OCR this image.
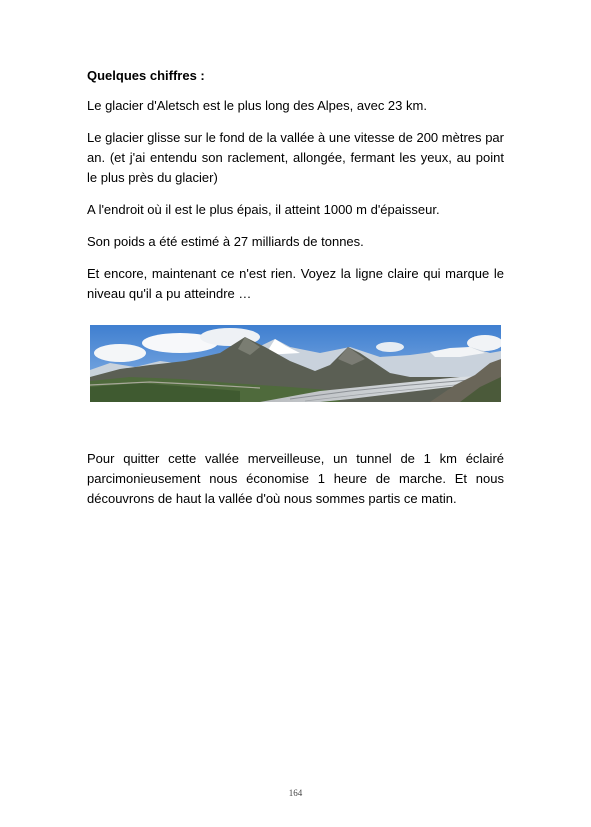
Quelques chiffres :

Le glacier d'Aletsch est le plus long des Alpes, avec 23 km.

Le glacier glisse sur le fond de la vallée à une vitesse de 200 mètres par an. (et j'ai entendu son raclement, allongée, fermant les yeux, au point le plus près du glacier)

A l'endroit où il est le plus épais, il atteint 1000 m d'épaisseur.

Son poids a été estimé à 27 milliards de tonnes.

Et encore, maintenant ce n'est rien. Voyez la ligne claire qui marque le niveau qu'il a pu atteindre …

Pour quitter cette vallée merveilleuse, un tunnel de 1 km éclairé parcimonieusement nous économise 1 heure de marche. Et nous découvrons de haut la vallée d'où nous sommes partis ce matin.

164
